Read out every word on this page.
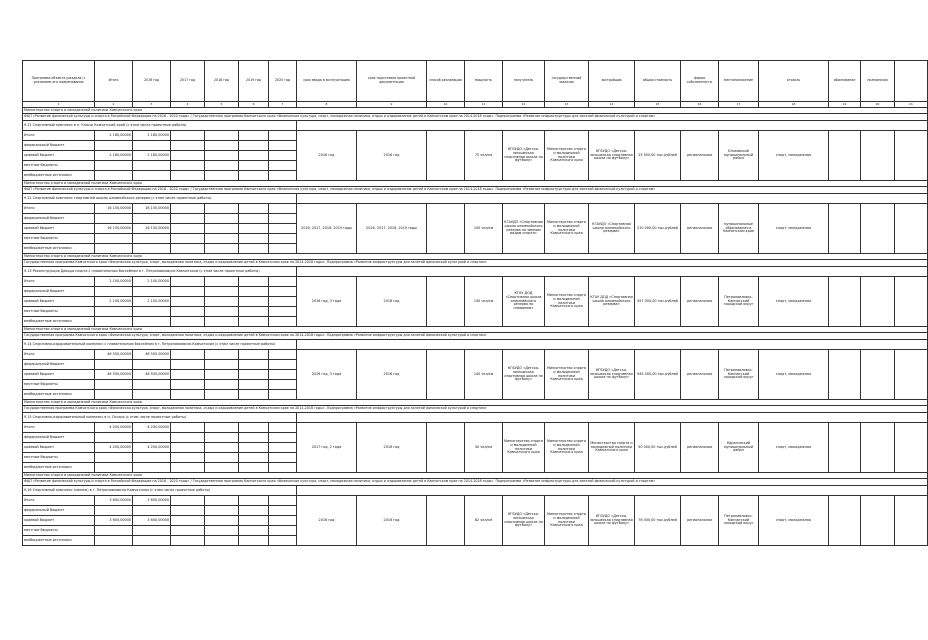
Программа объекта (раздела) с указанием его наименования	Итого	2016 год	2017 год	2018 год	2019 год	2020 год	срок ввода в эксплуатацию	срок подготовки проектной документации	способ реализации	мощность	получатель	государственный заказчик	застройщик	общая стоимость	форма собственности	местоположение	отрасль	обоснование	полномочия		
1	2	3	4	5	6	7	8	9	10	11	12	13	14	15	16	17	18	19	20	21	
Министерство спорта и молодежной политики Камчатского края																					
ФЦП «Развитие физической культуры и спорта в Российской Федерации на 2016 - 2020 годы» / Государственная программа Камчатского края «Физическая культура, спорт, молодежная политика, отдых и оздоровление детей в Камчатском крае на 2014-2018 годы». Подпрограмма «Развитие инфраструктуры для занятий физической культурой и спортом»																					
9.11 Спортивный комплекс в п. Ключи Камчатский край (с этим числе проектные работы)																					
Итого	2 180,00000	2 180,00000					2016 год	2016 год		75 чел/см	КГБУДО «Детско-юношеская спортивная школа по футболу»	Министерство спорта и молодежной политики Камчатского края	КГБУДО «Детско-юношеская спортивная школа по футболу»	25 500,00 тыс.рублей	региональная	Елизовский муниципальный район	спорт, молодежная				
федеральный бюджет																					
краевой бюджет	2 180,00000	2 180,00000																			
местные бюджеты																					
внебюджетные источники																					
Министерство спорта и молодежной политики Камчатского края																					
ФЦП «Развитие физической культуры и спорта в Российской Федерации на 2016 - 2020 годы» / Государственная программа Камчатского края «Физическая культура, спорт, молодежная политика, отдых и оздоровление детей в Камчатском крае на 2014-2018 годы». Подпрограмма «Развитие инфраструктуры для занятий физической культурой и спортом»																					
9.12 Спортивный комплекс спортивной школы олимпийского резерва (с этим числе проектные работы)																					
Итого	16 150,00000	16 150,00000					2016, 2017, 2018, 2019 годы	2016, 2017, 2018, 2019 годы		100 чел/см	КГАУДО «Спортивная школа олимпийского резерва по зимним видам спорта»	Министерство спорта и молодежной политики Камчатского края	КГАУДО «Спортивная школа олимпийского резерва»	210 000,00 тыс.рублей	региональная	муниципальные образования в Камчатском крае	спорт, молодежная				
федеральный бюджет																					
краевой бюджет	16 150,00000	16 150,00000																			
местные бюджеты																					
внебюджетные источники																					
Министерство спорта и молодежной политики Камчатского края																					
Государственная программа Камчатского края «Физическая культура, спорт, молодежная политика, отдых и оздоровление детей в Камчатском крае на 2014-2018 годы». Подпрограмма «Развитие инфраструктуры для занятий физической культурой и спортом»																					
9.13 Реконструкция Дворца спорта с плавательным бассейном в г. Петропавловске-Камчатском (с этим числе проектные работы)																					
Итого	2 100,00000	2 100,00000					2016 год, 3 года	2016 год		140 чел/см	КГАУ ДОД «Спортивная школа олимпийского резерва по плаванию»	Министерство спорта и молодежной политики Камчатского края	КГАУ ДОД «Спортивная школа олимпийского резерва»	457 000,00 тыс.рублей	региональная	Петропавловск-Камчатский городской округ	спорт, молодежная				
федеральный бюджет																					
краевой бюджет	2 100,00000	2 100,00000																			
местные бюджеты																					
внебюджетные источники																					
Министерство спорта и молодежной политики Камчатского края																					
Государственная программа Камчатского края «Физическая культура, спорт, молодежная политика, отдых и оздоровление детей в Камчатском крае на 2014-2018 годы». Подпрограмма «Развитие инфраструктуры для занятий физической культурой и спортом»																					
9.14 Спортивно-оздоровительный комплекс с плавательным бассейном в г. Петропавловске-Камчатском (с этим числе проектные работы)																					
Итого	46 550,00000	46 550,00000					2016 год, 3 года	2016 год		140 чел/см	КГБУДО «Детско-юношеская спортивная школа по футболу»	Министерство спорта и молодежной политики Камчатского края	КГБУДО «Детско-юношеская спортивная школа по футболу»	945 000,00 тыс.рублей	региональная	Петропавловск-Камчатский городской округ	спорт, молодежная				
федеральный бюджет																					
краевой бюджет	46 550,00000	46 550,00000																			
местные бюджеты																					
внебюджетные источники																					
Министерство спорта и молодежной политики Камчатского края																					
Государственная программа Камчатского края «Физическая культура, спорт, молодежная политика, отдых и оздоровление детей в Камчатском крае на 2014-2018 годы». Подпрограмма «Развитие инфраструктуры для занятий физической культурой и спортом»																					
9.15 Спортивно-оздоровительный комплекс в п. Оссора (с этим числе проектные работы)																					
Итого	4 200,00000	4 200,00000					2017 год, 2 года	2016 год		30 чел/см	Министерство спорта и молодежной политики Камчатского края	Министерство спорта и молодежной политики Камчатского края	Министерство спорта и молодежной политики Камчатского края	50 000,00 тыс.рублей	региональная	Карагинский муниципальный район	спорт, молодежная				
федеральный бюджет																					
краевой бюджет	4 200,00000	4 200,00000																			
местные бюджеты																					
внебюджетные источники																					
Министерство спорта и молодежной политики Камчатского края																					
ФЦП «Развитие физической культуры и спорта в Российской Федерации на 2016 - 2020 годы» / Государственная программа Камчатского края «Физическая культура, спорт, молодежная политика, отдых и оздоровление детей в Камчатском крае на 2014-2018 годы». Подпрограмма «Развитие инфраструктуры для занятий физической культурой и спортом»																					
9.16 Спортивный комплекс (манеж) в г. Петропавловске-Камчатском (с этим числе проектные работы)																					
Итого	3 600,00000	3 600,00000					2016 год	2016 год		82 чел/см	КГБУДО «Детско-юношеская спортивная школа по футболу»	Министерство спорта и молодежной политики Камчатского края	КГБУДО «Детско-юношеская спортивная школа по футболу»	76 000,00 тыс.рублей	региональная	Петропавловск-Камчатский городской округ	спорт, молодежная				
федеральный бюджет																					
краевой бюджет	3 600,00000	3 600,00000																			
местные бюджеты																					
внебюджетные источники																					
